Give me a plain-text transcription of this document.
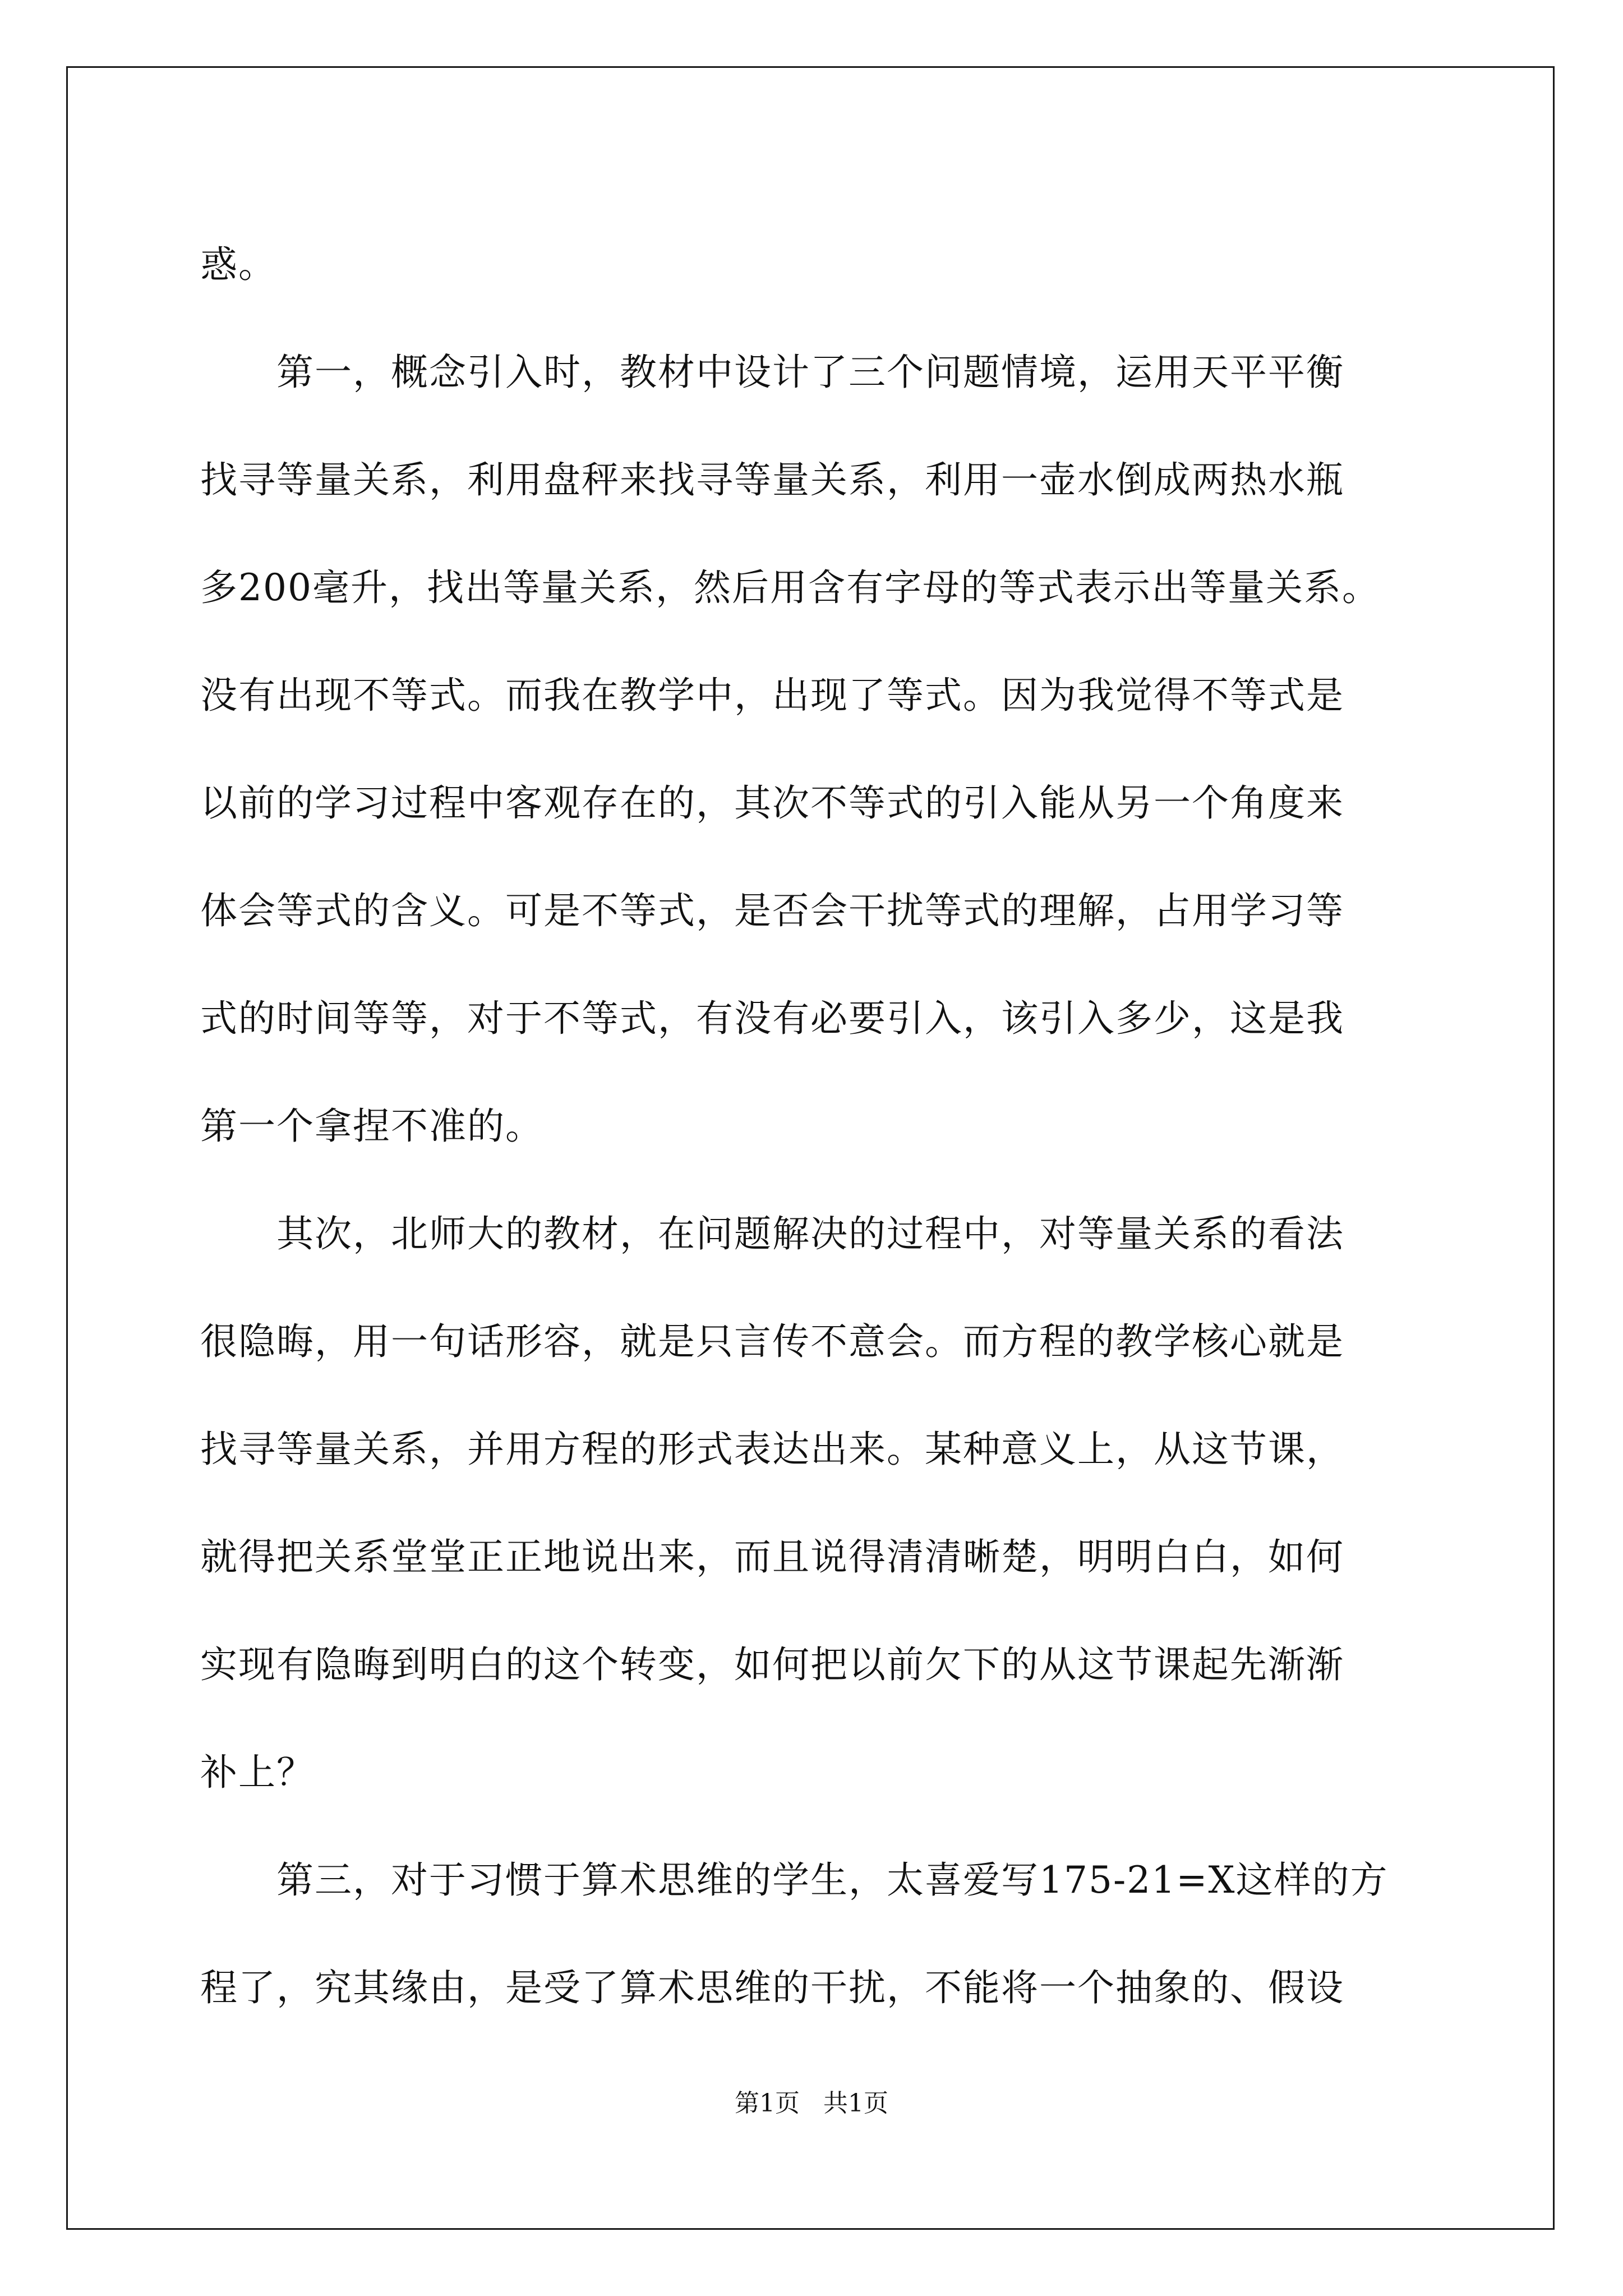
惑。
　　第一，概念引入时，教材中设计了三个问题情境，运用天平平衡
找寻等量关系，利用盘秤来找寻等量关系，利用一壶水倒成两热水瓶
多200毫升，找出等量关系，然后用含有字母的等式表示出等量关系。
没有出现不等式。而我在教学中，出现了等式。因为我觉得不等式是
以前的学习过程中客观存在的，其次不等式的引入能从另一个角度来
体会等式的含义。可是不等式，是否会干扰等式的理解，占用学习等
式的时间等等，对于不等式，有没有必要引入，该引入多少，这是我
第一个拿捏不准的。
　　其次，北师大的教材，在问题解决的过程中，对等量关系的看法
很隐晦，用一句话形容，就是只言传不意会。而方程的教学核心就是
找寻等量关系，并用方程的形式表达出来。某种意义上，从这节课，
就得把关系堂堂正正地说出来，而且说得清清晰楚，明明白白，如何
实现有隐晦到明白的这个转变，如何把以前欠下的从这节课起先渐渐
补上？
　　第三，对于习惯于算术思维的学生，太喜爱写175-21=X这样的方
程了，究其缘由，是受了算术思维的干扰，不能将一个抽象的、假设
第1页 共1页
